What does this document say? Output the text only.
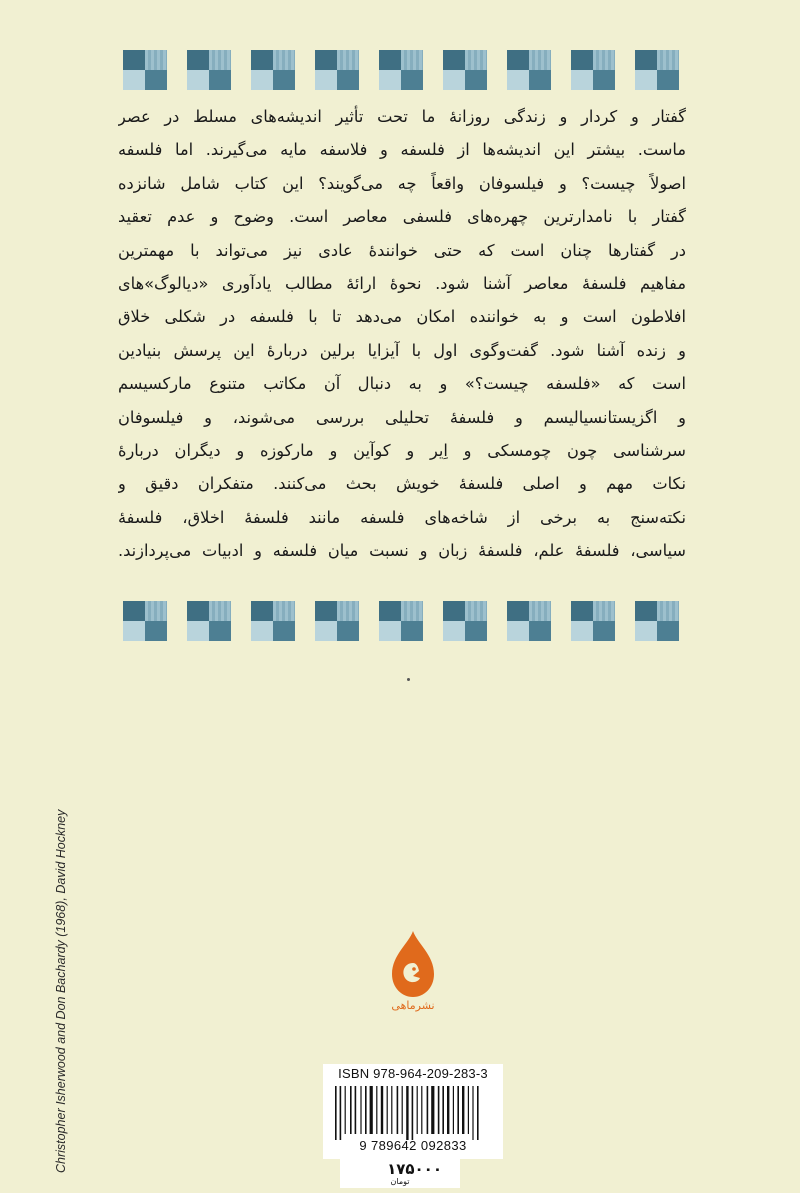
گفتار و کردار و زندگی روزانهٔ ما تحت تأثیر اندیشه‌های مسلط در عصر
ماست. بیشتر این اندیشه‌ها از فلسفه و فلاسفه مایه می‌گیرند. اما فلسفه
اصولاً چیست؟ و فیلسوفان واقعاً چه می‌گویند؟ این کتاب شامل شانزده
گفتار با نامدارترین چهره‌های فلسفی معاصر است. وضوح و عدم تعقید
در گفتارها چنان است که حتی خوانندهٔ عادی نیز می‌تواند با مهمترین
مفاهیم فلسفهٔ معاصر آشنا شود. نحوهٔ ارائهٔ مطالب یادآوری «دیالوگ»‌های
افلاطون است و به خواننده امکان می‌دهد تا با فلسفه در شکلی خلاق
و زنده آشنا شود. گفت‌وگوی اول با آیزایا برلین دربارهٔ این پرسش بنیادین
است که «فلسفه چیست؟» و به دنبال آن مکاتب متنوع مارکسیسم
و اگزیستانسیالیسم و فلسفهٔ تحلیلی بررسی می‌شوند، و فیلسوفان
سرشناسی چون چومسکی و اِیر و کوآین و مارکوزه و دیگران دربارهٔ
نکات مهم و اصلی فلسفهٔ خویش بحث می‌کنند. متفکران دقیق و
نکته‌سنج به برخی از شاخه‌های فلسفه مانند فلسفهٔ اخلاق، فلسفهٔ
سیاسی، فلسفهٔ علم، فلسفهٔ زبان و نسبت میان فلسفه و ادبیات می‌پردازند.
Christopher Isherwood and Don Bachardy (1968), David Hockney	نشرماهی
ISBN 978-964-209-283-3
9 789642 092833
۱۷۵۰۰۰
تومان
